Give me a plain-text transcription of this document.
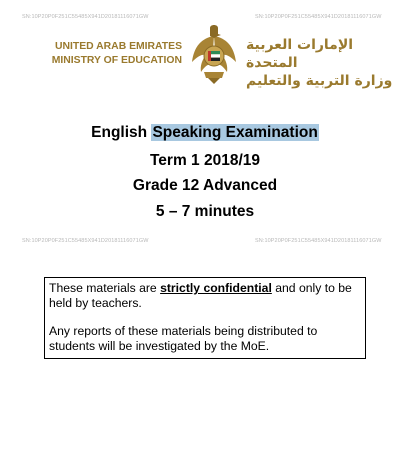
SN:10P20P0F251C55485X941D20181116071GW	SN:10P20P0F251C55485X941D20181116071GW
SN:10P20P0F251C55485X941D20181116071GW	SN:10P20P0F251C55485X941D20181116071GW
UNITED ARAB EMIRATES
MINISTRY OF EDUCATION
الإمارات العربية المتحدة
وزارة التربية والتعليم
English Speaking Examination
Term 1 2018/19
Grade 12 Advanced
5 – 7 minutes

These materials are strictly confidential and only to be held by teachers.

Any reports of these materials being distributed to students will be investigated by the MoE.
